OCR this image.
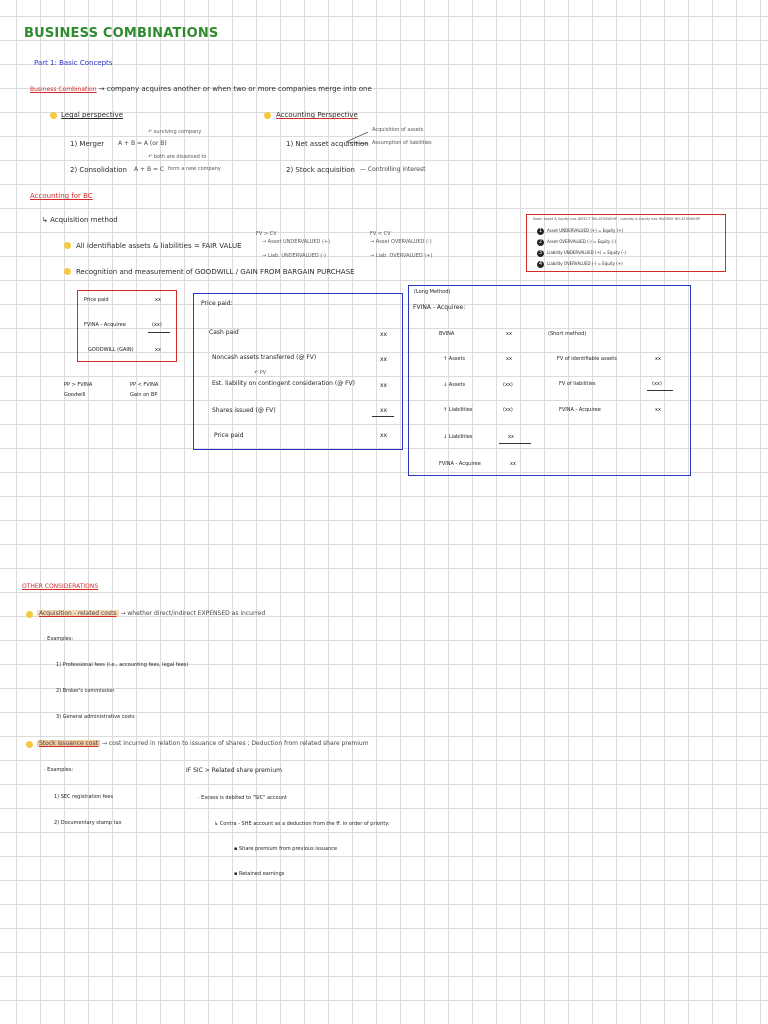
BUSINESS COMBINATIONS
Part 1: Basic Concepts
Business Combination → company acquires another or when two or more companies merge into one
Legal perspective
↶ surviving company
1) Merger A + B = A (or B)
↶ both are dissolved to
2) Consolidation A + B = C form a new company
Accounting Perspective
1) Net asset acquisition
Acquisition of assets
Assumption of liabilities
2) Stock acquisition — Controlling interest
Accounting for BC
↳ Acquisition method
All identifiable assets & liabilities = FAIR VALUE
Recognition and measurement of GOODWILL / GAIN FROM BARGAIN PURCHASE
FV > CV
→ Asset UNDERVALUED (+)
→ Liab. UNDERVALUED (-)
FV < CV
→ Asset OVERVALUED (-)
→ Liab. OVERVALUED (+)
Note: Asset & Equity has DIRECT RELATIONSHIP ; Liability & Equity has INVERSE RELATIONSHIP
1	Asset UNDERVALUED (+) = Equity (+)
2	Asset OVERVALUED (-) = Equity (-)
3	Liability UNDERVALUED (+) = Equity (-)
4	Liability OVERVALUED (-) = Equity (+)
Price paid	xx
FVINA - Acquiree	(xx)
GOODWILL (GAIN)	xx
PP > FVINA
Goodwill
PP < FVINA
Gain on BP
Price paid:
Cash paid	xx
Noncash assets transferred (@ FV)	xx
↶ PV
Est. liability on contingent consideration (@ FV)	xx
Shares issued (@ FV)	xx
Price paid	xx
(Long Method)
FVINA - Acquiree:
BVINA	xx
↑ Assets	xx
↓ Assets	(xx)
↑ Liabilities	(xx)
↓ Liabilities	xx
FVINA - Acquiree	xx
(Short method)
FV of identifiable assets	xx
FV of liabilities	(xx)
FVINA - Acquiree	xx
OTHER CONSIDERATIONS
Acquisition - related costs → whether direct/indirect EXPENSED as incurred
· Examples:
1) Professional fees (i.e., accounting fees, legal fees)
2) Broker's commission
3) General administrative costs
Stock issuance cost → cost incurred in relation to issuance of shares ; Deduction from related share premium
· Examples:
1) SEC registration fees
2) Documentary stamp tax
IF SIC > Related share premium
· Excess is debited to "SIC" account
↳ Contra - SHE account as a deduction from the ff. in order of priority:
▪ Share premium from previous issuance
▪ Retained earnings
